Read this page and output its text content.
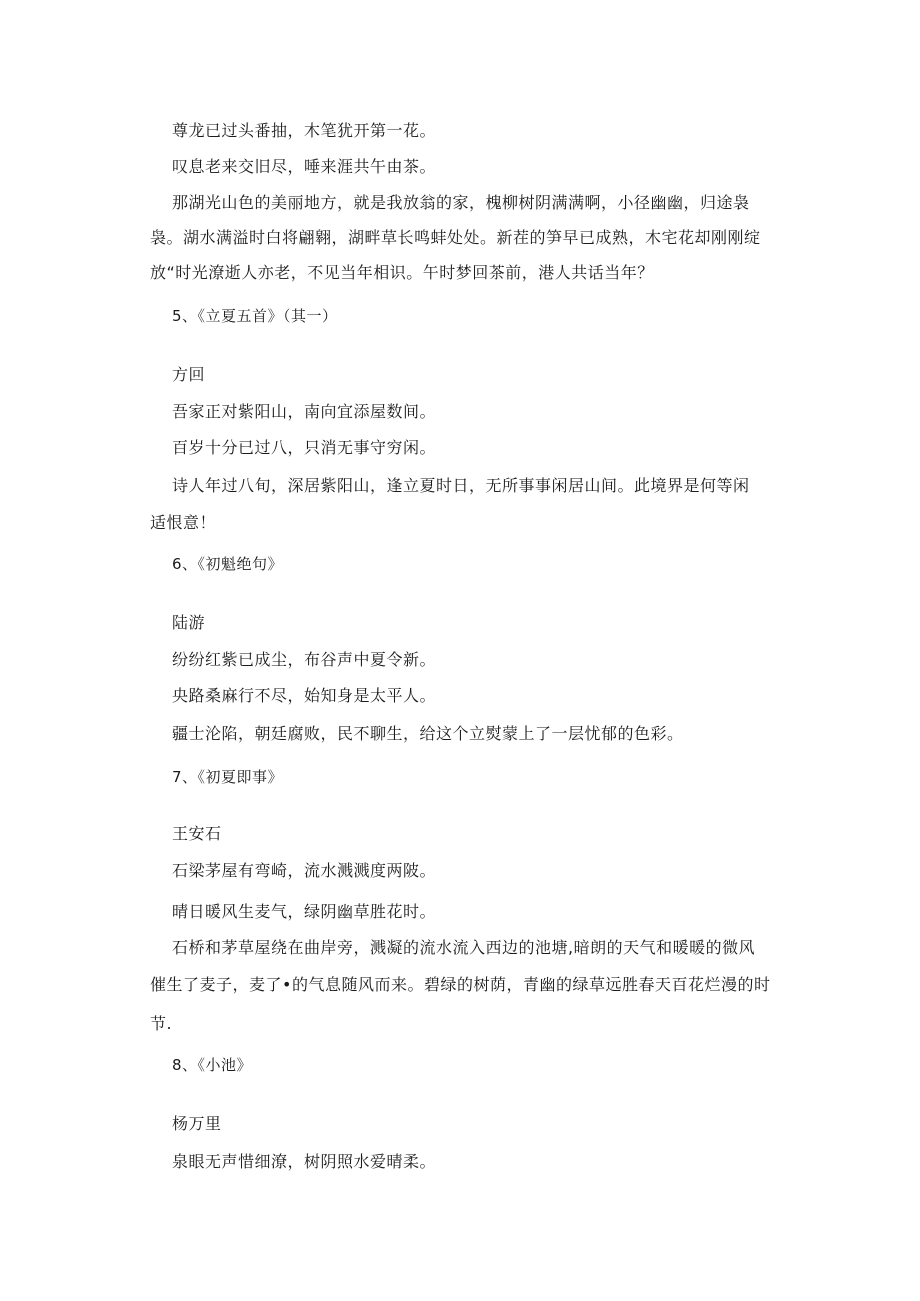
尊龙已过头番抽，木笔犹开第一花。
叹息老来交旧尽，唾来涯共午由茶。
那湖光山色的美丽地方，就是我放翁的家，槐柳树阴满满啊，小径幽幽，归途袅
袅。湖水满溢时白将翩翱，湖畔草长鸣蚌处处。新茬的笋早已成熟，木宅花却刚刚绽
放“时光潦逝人亦老，不见当年相识。午时梦回茶前，港人共话当年？
5、《立夏五首》（其一）
方回
吾家正对紫阳山，南向宜添屋数间。
百岁十分已过八，只消无事守穷闲。
诗人年过八旬，深居紫阳山，逢立夏时日，无所事事闲居山间。此境界是何等闲
适恨意！
6、《初魁绝句》
陆游
纷纷红紫已成尘，布谷声中夏令新。
央路桑麻行不尽，始知身是太平人。
疆士沦陷，朝廷腐败，民不聊生，给这个立熨蒙上了一层忧郁的色彩。
7、《初夏即事》
王安石
石梁茅屋有弯崎，流水溅溅度两陂。
晴日暖风生麦气，绿阴幽草胜花时。
石桥和茅草屋绕在曲岸旁，溅凝的流水流入西边的池塘,暗朗的天气和暖暖的微风
催生了麦子，麦了•的气息随风而来。碧绿的树荫，青幽的绿草远胜春天百花烂漫的时
节.
8、《小池》
杨万里
泉眼无声惜细潦，树阴照水爱晴柔。
